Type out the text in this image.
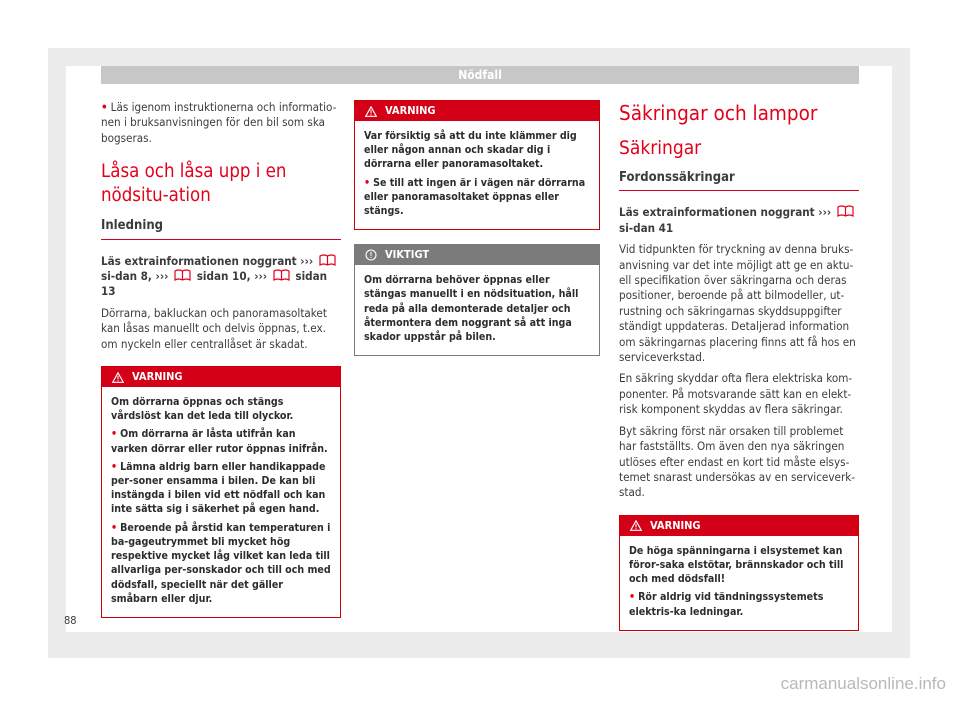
Nödfall

• Läs igenom instruktionerna och informatio-nen i bruksanvisningen för den bil som ska bogseras.

Låsa och låsa upp i en nödsitu-ation
Inledning

Läs extrainformationen noggrant ›››  si-dan 8, ››› sidan 10, ››› sidan 13

Dörrarna, bakluckan och panoramasoltaket kan låsas manuellt och delvis öppnas, t.ex. om nyckeln eller centrallåset är skadat.

VARNING

Om dörrarna öppnas och stängs vårdslöst kan det leda till olyckor.

• Om dörrarna är låsta utifrån kan varken dörrar eller rutor öppnas inifrån.

• Lämna aldrig barn eller handikappade per-soner ensamma i bilen. De kan bli instängda i bilen vid ett nödfall och kan inte sätta sig i säkerhet på egen hand.

• Beroende på årstid kan temperaturen i ba-gageutrymmet bli mycket hög respektive mycket låg vilket kan leda till allvarliga per-sonskador och till och med dödsfall, speciellt när det gäller småbarn eller djur.

VARNING

Var försiktig så att du inte klämmer dig eller någon annan och skadar dig i dörrarna eller panoramasoltaket.

• Se till att ingen är i vägen när dörrarna eller panoramasoltaket öppnas eller stängs.

VIKTIGT

Om dörrarna behöver öppnas eller stängas manuellt i en nödsituation, håll reda på alla demonterade detaljer och återmontera dem noggrant så att inga skador uppstår på bilen.

Säkringar och lampor
Säkringar
Fordonssäkringar

Läs extrainformationen noggrant ›››  si-dan 41

Vid tidpunkten för tryckning av denna bruks-anvisning var det inte möjligt att ge en aktu-ell specifikation över säkringarna och deras positioner, beroende på att bilmodeller, ut-rustning och säkringarnas skyddsuppgifter ständigt uppdateras. Detaljerad information om säkringarnas placering finns att få hos en serviceverkstad.

En säkring skyddar ofta flera elektriska kom-ponenter. På motsvarande sätt kan en elekt-risk komponent skyddas av flera säkringar.

Byt säkring först när orsaken till problemet har fastställts. Om även den nya säkringen utlöses efter endast en kort tid måste elsys-temet snarast undersökas av en serviceverk-stad.

VARNING

De höga spänningarna i elsystemet kan föror-saka elstötar, brännskador och till och med dödsfall!

• Rör aldrig vid tändningssystemets elektris-ka ledningar.

88
carmanualsonline.info
